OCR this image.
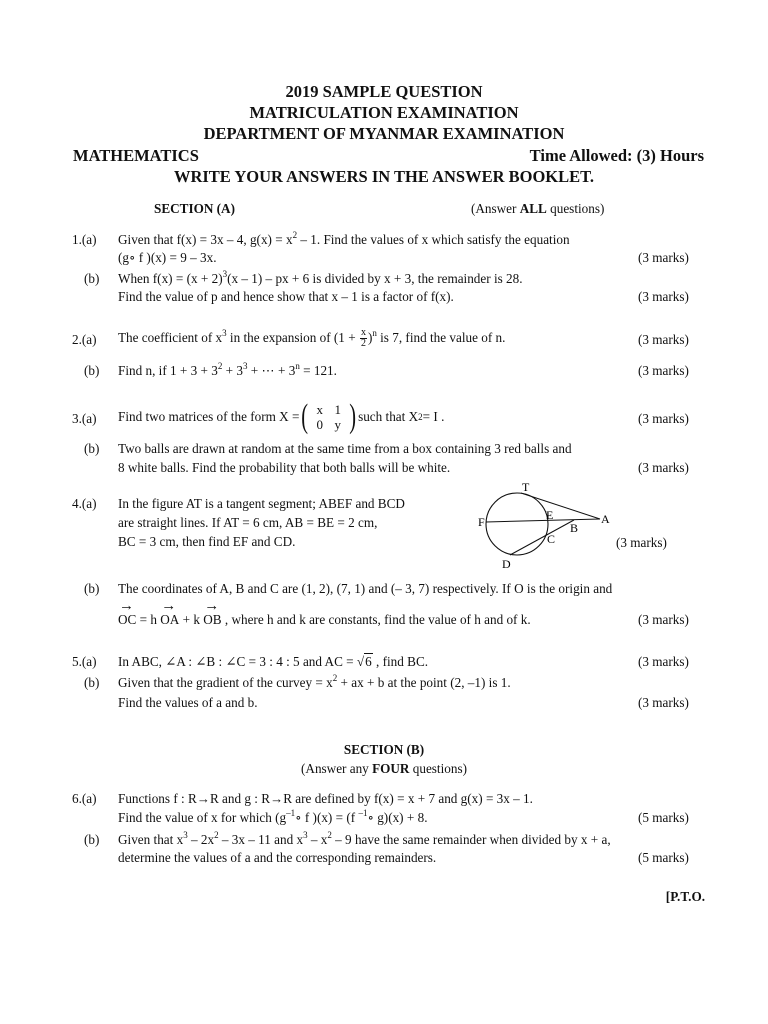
2019 SAMPLE QUESTION
MATRICULATION EXAMINATION
DEPARTMENT OF MYANMAR EXAMINATION
MATHEMATICS	Time Allowed: (3) Hours
WRITE YOUR ANSWERS IN THE ANSWER BOOKLET.
SECTION (A)	(Answer ALL questions)
1.(a) Given that f(x) = 3x – 4, $g(x) = x^2 - 1$. Find the values of x which satisfy the equation
(g∘ f )(x) = 9 – 3x.	(3 marks)
(b) When $f(x) = (x + 2)^3(x - 1)$ – px + 6 is divided by x + 3, the remainder is 28.
Find the value of p and hence show that x – 1 is a factor of f(x).	(3 marks)
2.(a) The coefficient of $x^3$ in the expansion of $(1 + \frac{x}{2} )^n$ is 7, find the value of n.	(3 marks)
(b) Find n, if $1 + 3 + 3^2 + 3^3$ + ⋯ + $3^n = 121$.	(3 marks)
3.(a) Find two matrices of the form X = ( x 1
0 y ) such that X 2 = I .	(3 marks)
(b) Two balls are drawn at random at the same time from a box containing 3 red balls and
8 white balls. Find the probability that both balls will be white.	(3 marks)
4.(a) In the figure AT is a tangent segment; ABEF and BCD
are straight lines. If AT = 6 cm, AB = BE = 2 cm,
BC = 3 cm, then find EF and CD.	(3 marks)
T
E
F	A
B
C
D
(b) The coordinates of A, B and C are (1, 2), (7, 1) and (– 3, 7) respectively. If O is the origin and
→ OC = h → OA + k → OB , where h and k are constants, find the value of h and of k.	(3 marks)
5.(a) In ABC, ∠A : ∠B : ∠C = 3 : 4 : 5 and AC = √6 , find BC.	(3 marks)
(b) Given that the gradient of the curvey = $x^2$ + ax + b at the point (2, –1) is 1.
Find the values of a and b.	(3 marks)
SECTION (B)
(Answer any FOUR questions)
6.(a) Functions f : R→R and g : R→R are defined by f(x) = x + 7 and g(x) = 3x – 1.
Find the value of x for which ($g^{-1}\circ$ f )(x) = (f $^{-1}$∘ g)(x) + 8.	(5 marks)
(b) Given that $x^3 - 2x^2 - 3x - 11$ and $x^3 - x^2 - 9$ have the same remainder when divided by x + a,
determine the values of a and the corresponding remainders.	(5 marks)
[P.T.O.
